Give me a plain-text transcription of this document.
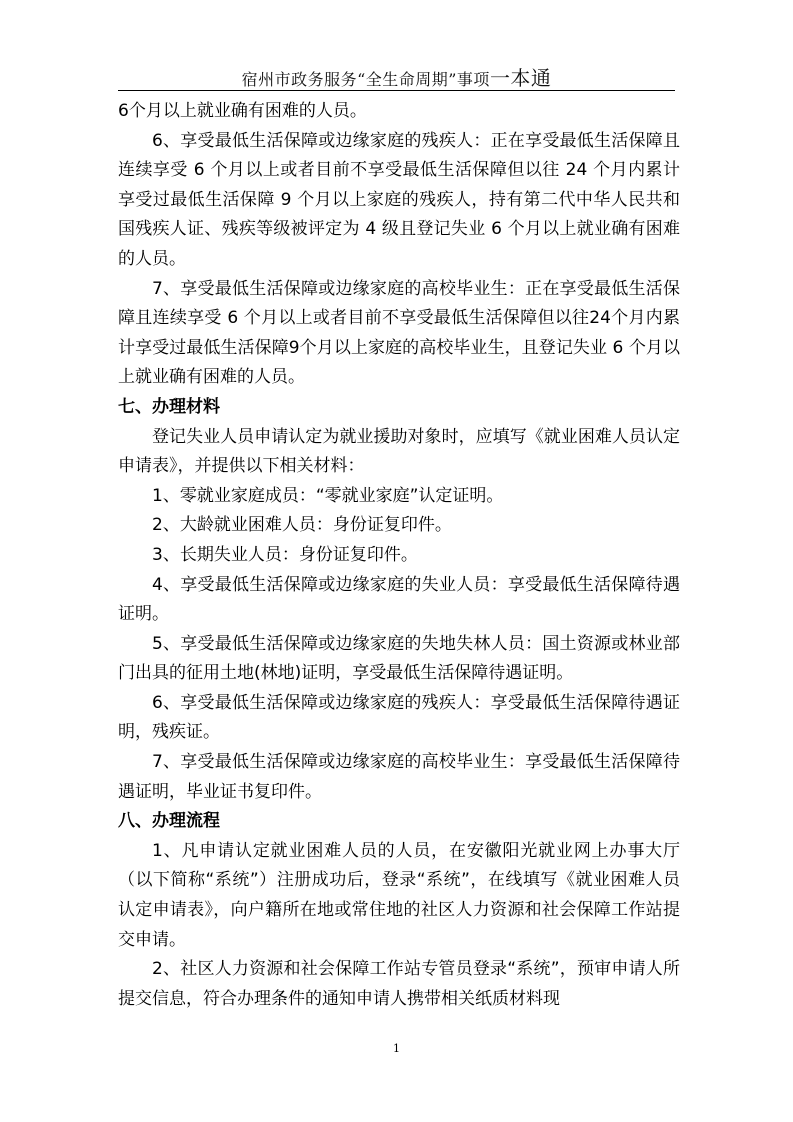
宿州市政务服务“全生命周期”事项一本通

6个月以上就业确有困难的人员。

6、享受最低生活保障或边缘家庭的残疾人：正在享受最低生活保障且连续享受 6 个月以上或者目前不享受最低生活保障但以往 24 个月内累计享受过最低生活保障 9 个月以上家庭的残疾人，持有第二代中华人民共和国残疾人证、残疾等级被评定为 4 级且登记失业 6 个月以上就业确有困难的人员。

7、享受最低生活保障或边缘家庭的高校毕业生：正在享受最低生活保障且连续享受 6 个月以上或者目前不享受最低生活保障但以往24个月内累计享受过最低生活保障9个月以上家庭的高校毕业生，且登记失业 6 个月以上就业确有困难的人员。

七、办理材料

登记失业人员申请认定为就业援助对象时，应填写《就业困难人员认定申请表》，并提供以下相关材料：

1、零就业家庭成员：“零就业家庭”认定证明。

2、大龄就业困难人员：身份证复印件。

3、长期失业人员：身份证复印件。

4、享受最低生活保障或边缘家庭的失业人员：享受最低生活保障待遇证明。

5、享受最低生活保障或边缘家庭的失地失林人员：国土资源或林业部门出具的征用土地(林地)证明，享受最低生活保障待遇证明。

6、享受最低生活保障或边缘家庭的残疾人：享受最低生活保障待遇证明，残疾证。

7、享受最低生活保障或边缘家庭的高校毕业生：享受最低生活保障待遇证明，毕业证书复印件。

八、办理流程

1、凡申请认定就业困难人员的人员，在安徽阳光就业网上办事大厅（以下简称“系统”）注册成功后，登录“系统”，在线填写《就业困难人员认定申请表》，向户籍所在地或常住地的社区人力资源和社会保障工作站提交申请。

2、社区人力资源和社会保障工作站专管员登录“系统”，预审申请人所提交信息，符合办理条件的通知申请人携带相关纸质材料现

1
